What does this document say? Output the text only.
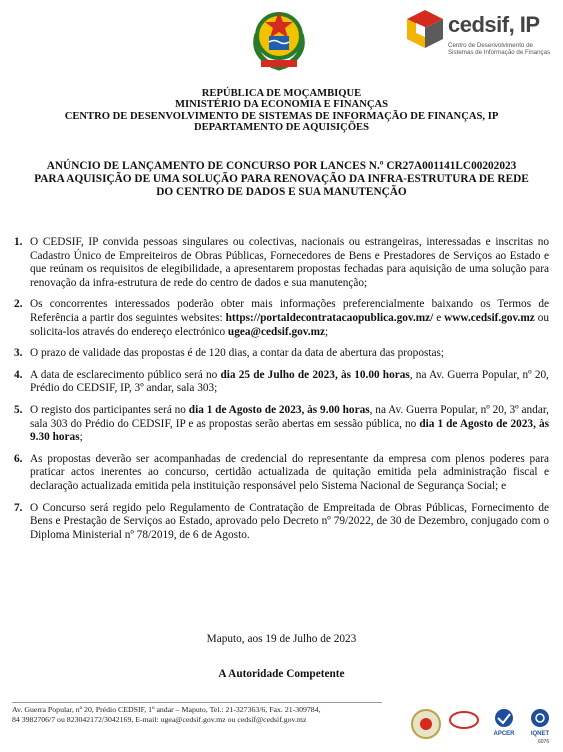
cedsif, IP
Centro de Desenvolvimento de Sistemas de Informação de Finanças
REPÚBLICA DE MOÇAMBIQUE
MINISTÉRIO DA ECONOMIA E FINANÇAS
CENTRO DE DESENVOLVIMENTO DE SISTEMAS DE INFORMAÇÃO DE FINANÇAS, IP
DEPARTAMENTO DE AQUISIÇÕES
ANÚNCIO DE LANÇAMENTO DE CONCURSO POR LANCES N.º CR27A001141LC00202023
PARA AQUISIÇÃO DE UMA SOLUÇÃO PARA RENOVAÇÃO DA INFRA-ESTRUTURA DE REDE
DO CENTRO DE DADOS E SUA MANUTENÇÃO
1. O CEDSIF, IP convida pessoas singulares ou colectivas, nacionais ou estrangeiras, interessadas e inscritas no Cadastro Único de Empreiteiros de Obras Públicas, Fornecedores de Bens e Prestadores de Serviços ao Estado e que reúnam os requisitos de elegibilidade, a apresentarem propostas fechadas para aquisição de uma solução para renovação da infra-estrutura de rede do centro de dados e sua manutenção;
2. Os concorrentes interessados poderão obter mais informações preferencialmente baixando os Termos de Referência a partir dos seguintes websites: https://portaldecontratacaopublica.gov.mz/ e www.cedsif.gov.mz ou solicita-los através do endereço electrónico ugea@cedsif.gov.mz;
3. O prazo de validade das propostas é de 120 dias, a contar da data de abertura das propostas;
4. A data de esclarecimento público será no dia 25 de Julho de 2023, às 10.00 horas, na Av. Guerra Popular, nº 20, Prédio do CEDSIF, IP, 3º andar, sala 303;
5. O registo dos participantes será no dia 1 de Agosto de 2023, às 9.00 horas, na Av. Guerra Popular, nº 20, 3º andar, sala 303 do Prédio do CEDSIF, IP e as propostas serão abertas em sessão pública, no dia 1 de Agosto de 2023, às 9.30 horas;
6. As propostas deverão ser acompanhadas de credencial do representante da empresa com plenos poderes para praticar actos inerentes ao concurso, certidão actualizada de quitação emitida pela administração fiscal e declaração actualizada emitida pela instituição responsável pelo Sistema Nacional de Segurança Social; e
7. O Concurso será regido pelo Regulamento de Contratação de Empreitada de Obras Públicas, Fornecimento de Bens e Prestação de Serviços ao Estado, aprovado pelo Decreto nº 79/2022, de 30 de Dezembro, conjugado com o Diploma Ministerial nº 78/2019, de 6 de Agosto.
Maputo, aos 19 de Julho de 2023
A Autoridade Competente
Av. Guerra Popular, nº 20, Prédio CEDSIF, 1º andar – Maputo, Tel.: 21-327363/6, Fax. 21-309784,
84 3982706/7 ou 823042172/3042169, E-mail: ugea@cedsif.gov.mz ou cedsif@cedsif.gov.mz
APCER	IQNET
6076
